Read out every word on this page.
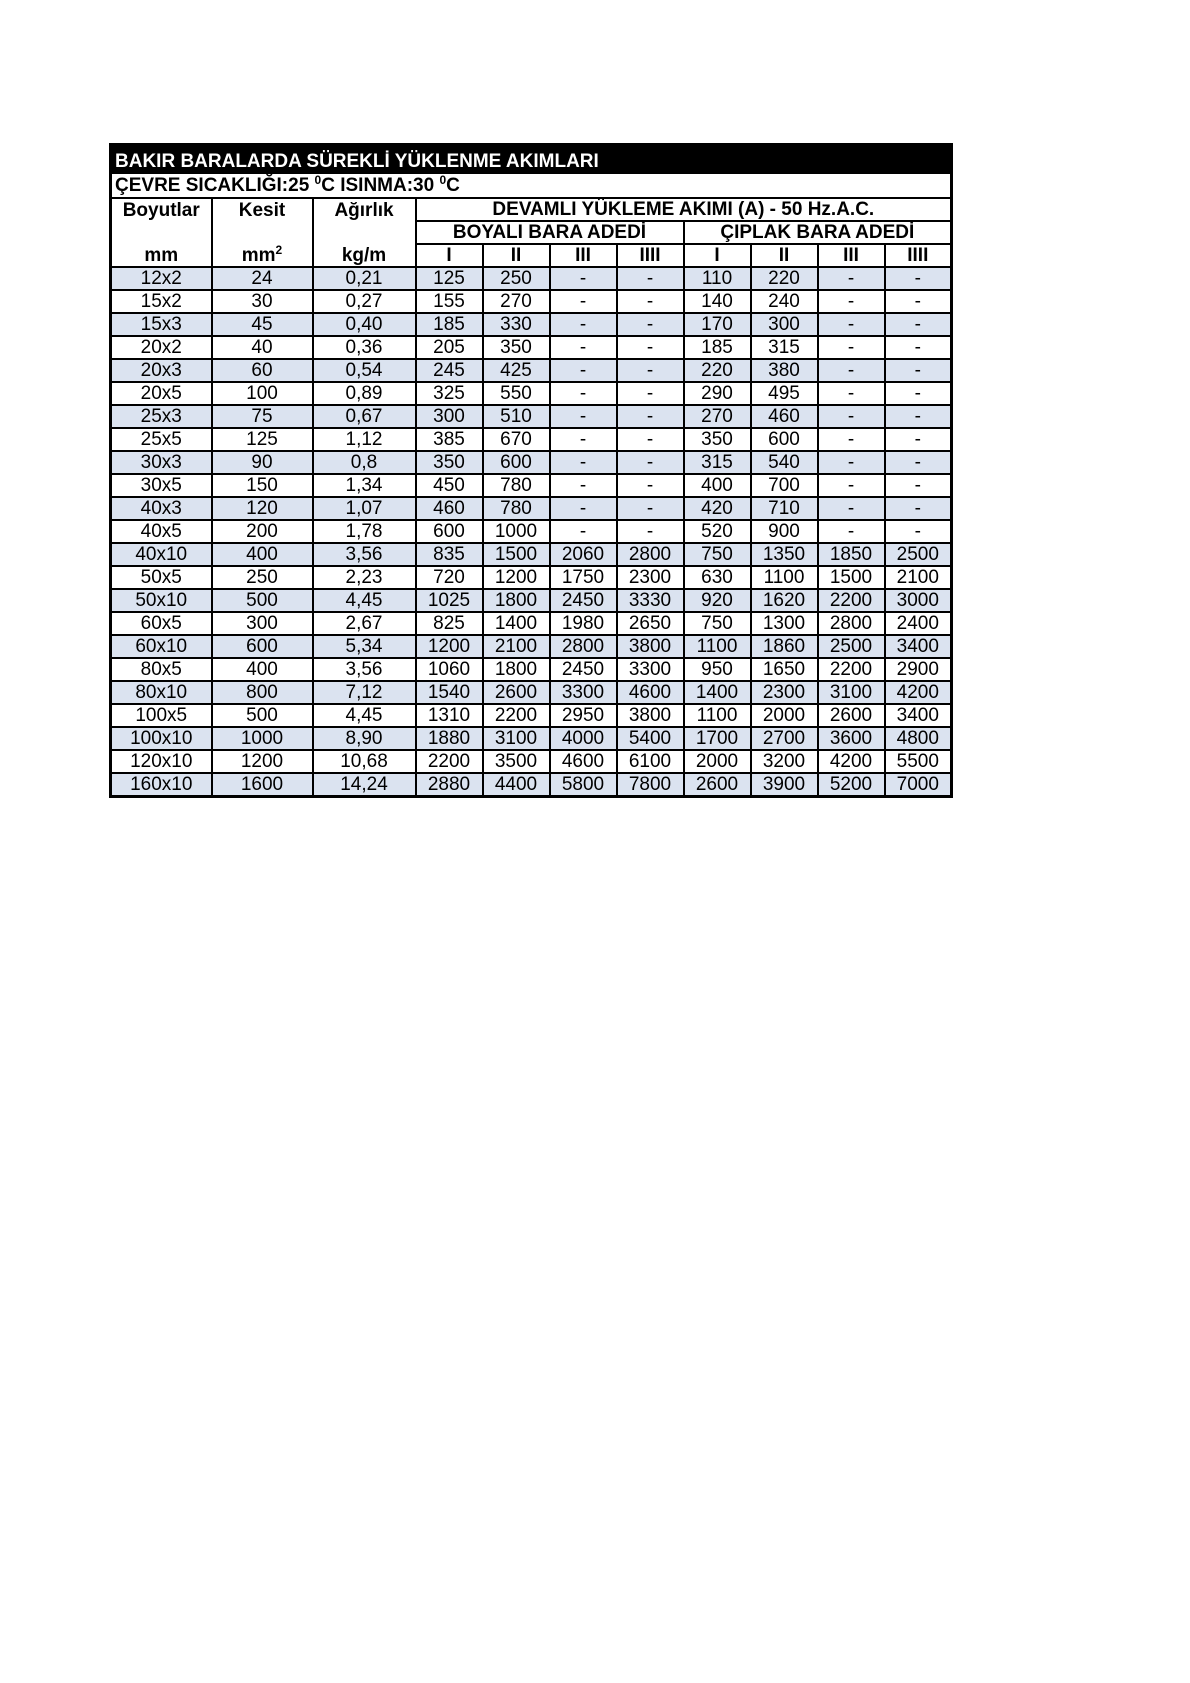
BAKIR BARALARDA SÜREKLİ YÜKLENME AKIMLARI										
ÇEVRE SICAKLIĞI:25 $^0$C ISINMA:30 $^0$C										
Boyutlar	Kesit	Ağırlık	DEVAMLI YÜKLEME AKIMI (A) - 50 Hz.A.C.							
			BOYALI BARA ADEDİ				ÇIPLAK BARA ADEDİ			
mm	$mm^2$	kg/m	I	II	III	IIII	I	II	III	IIII
12x2	24	0,21	125	250	-	-	110	220	-	-
15x2	30	0,27	155	270	-	-	140	240	-	-
15x3	45	0,40	185	330	-	-	170	300	-	-
20x2	40	0,36	205	350	-	-	185	315	-	-
20x3	60	0,54	245	425	-	-	220	380	-	-
20x5	100	0,89	325	550	-	-	290	495	-	-
25x3	75	0,67	300	510	-	-	270	460	-	-
25x5	125	1,12	385	670	-	-	350	600	-	-
30x3	90	0,8	350	600	-	-	315	540	-	-
30x5	150	1,34	450	780	-	-	400	700	-	-
40x3	120	1,07	460	780	-	-	420	710	-	-
40x5	200	1,78	600	1000	-	-	520	900	-	-
40x10	400	3,56	835	1500	2060	2800	750	1350	1850	2500
50x5	250	2,23	720	1200	1750	2300	630	1100	1500	2100
50x10	500	4,45	1025	1800	2450	3330	920	1620	2200	3000
60x5	300	2,67	825	1400	1980	2650	750	1300	2800	2400
60x10	600	5,34	1200	2100	2800	3800	1100	1860	2500	3400
80x5	400	3,56	1060	1800	2450	3300	950	1650	2200	2900
80x10	800	7,12	1540	2600	3300	4600	1400	2300	3100	4200
100x5	500	4,45	1310	2200	2950	3800	1100	2000	2600	3400
100x10	1000	8,90	1880	3100	4000	5400	1700	2700	3600	4800
120x10	1200	10,68	2200	3500	4600	6100	2000	3200	4200	5500
160x10	1600	14,24	2880	4400	5800	7800	2600	3900	5200	7000
